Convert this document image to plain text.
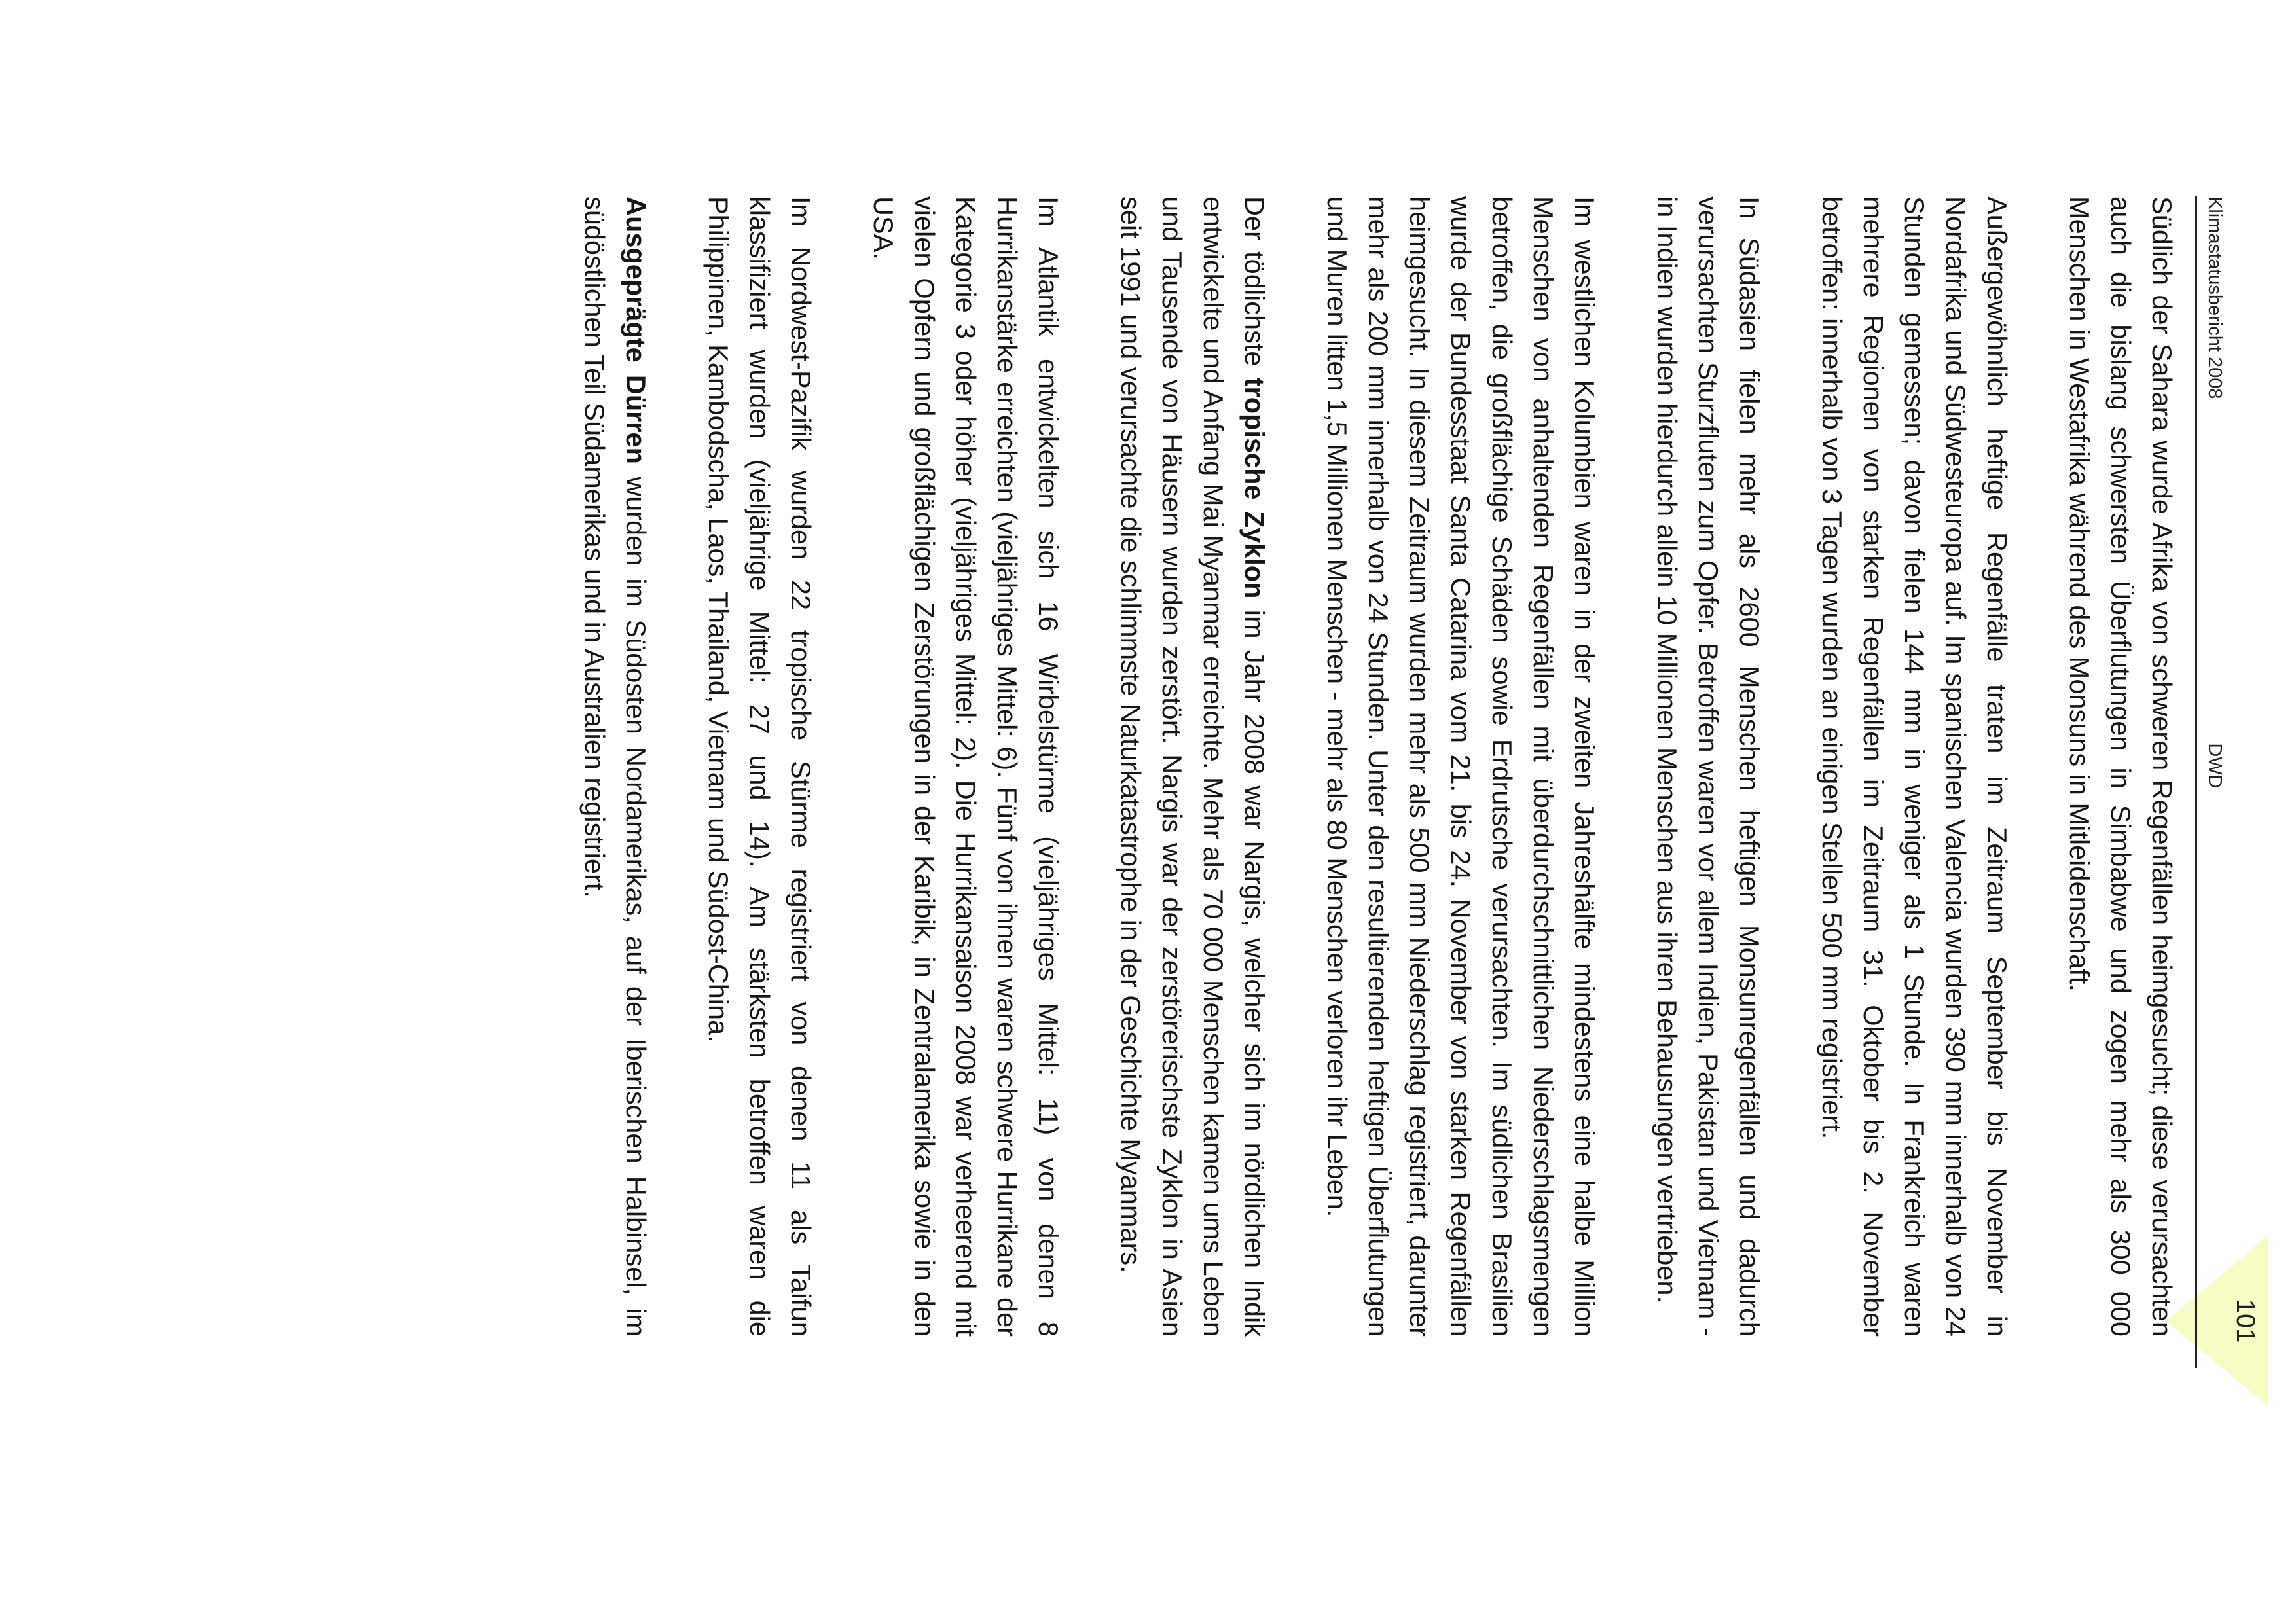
101
Klimastatusbericht 2008
DWD

Südlich der Sahara wurde Afrika von schweren Regenfällen heimgesucht; diese verursachten auch die bislang schwersten Überflutungen in Simbabwe und zogen mehr als 300 000 Menschen in Westafrika während des Monsuns in Mitleidenschaft.

Außergewöhnlich heftige Regenfälle traten im Zeitraum September bis November in Nordafrika und Südwesteuropa auf. Im spanischen Valencia wurden 390 mm innerhalb von 24 Stunden gemessen; davon fielen 144 mm in weniger als 1 Stunde. In Frankreich waren mehrere Regionen von starken Regenfällen im Zeitraum 31. Oktober bis 2. November betroffen: innerhalb von 3 Tagen wurden an einigen Stellen 500 mm registriert.

In Südasien fielen mehr als 2600 Menschen heftigen Monsunregenfällen und dadurch verursachten Sturzfluten zum Opfer. Betroffen waren vor allem Indien, Pakistan und Vietnam - in Indien wurden hierdurch allein 10 Millionen Menschen aus ihren Behausungen vertrieben.

Im westlichen Kolumbien waren in der zweiten Jahreshälfte mindestens eine halbe Million Menschen von anhaltenden Regenfällen mit überdurchschnittlichen Niederschlagsmengen betroffen, die großflächige Schäden sowie Erdrutsche verursachten. Im südlichen Brasilien wurde der Bundesstaat Santa Catarina vom 21. bis 24. November von starken Regenfällen heimgesucht. In diesem Zeitraum wurden mehr als 500 mm Niederschlag registriert, darunter mehr als 200 mm innerhalb von 24 Stunden. Unter den resultierenden heftigen Überflutungen und Muren litten 1,5 Millionen Menschen - mehr als 80 Menschen verloren ihr Leben.

Der tödlichste tropische Zyklon im Jahr 2008 war Nargis, welcher sich im nördlichen Indik entwickelte und Anfang Mai Myanmar erreichte. Mehr als 70 000 Menschen kamen ums Leben und Tausende von Häusern wurden zerstört. Nargis war der zerstörerischste Zyklon in Asien seit 1991 und verursachte die schlimmste Naturkatastrophe in der Geschichte Myanmars.

Im Atlantik entwickelten sich 16 Wirbelstürme (vieljähriges Mittel: 11) von denen 8 Hurrikanstärke erreichten (vieljähriges Mittel: 6). Fünf von ihnen waren schwere Hurrikane der Kategorie 3 oder höher (vieljähriges Mittel: 2). Die Hurrikansaison 2008 war verheerend mit vielen Opfern und großflächigen Zerstörungen in der Karibik, in Zentralamerika sowie in den USA.

Im Nordwest-Pazifik wurden 22 tropische Stürme registriert von denen 11 als Taifun klassifiziert wurden (vieljährige Mittel: 27 und 14). Am stärksten betroffen waren die Philippinen, Kambodscha, Laos, Thailand, Vietnam und Südost-China.

Ausgeprägte Dürren wurden im Südosten Nordamerikas, auf der Iberischen Halbinsel, im südöstlichen Teil Südamerikas und in Australien registriert.
